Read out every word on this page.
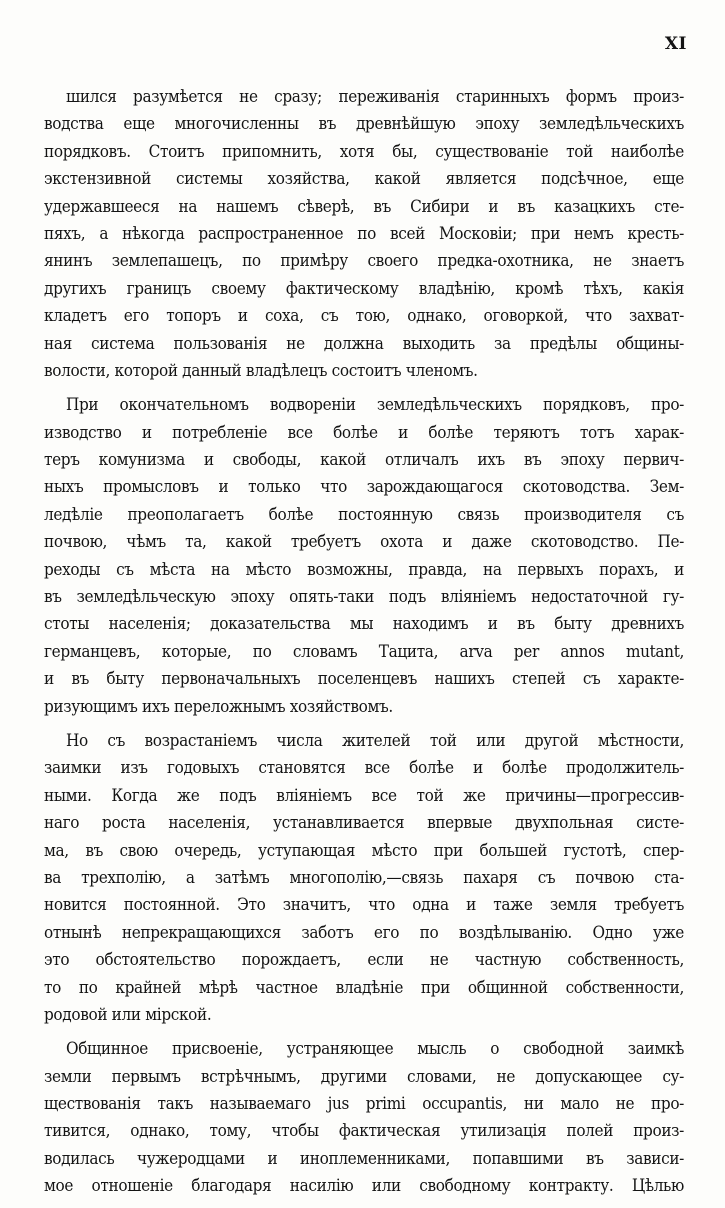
XI
шился разумѣется не сразу; переживанія старинныхъ формъ произ-
водства еще многочисленны въ древнѣйшую эпоху земледѣльческихъ
порядковъ. Стоитъ припомнить, хотя бы, существованіе той наиболѣе
экстензивной системы хозяйства, какой является подсѣчное, еще
удержавшееся на нашемъ сѣверѣ, въ Сибири и въ казацкихъ сте-
пяхъ, а нѣкогда распространенное по всей Московіи; при немъ кресть-
янинъ землепашецъ, по примѣру своего предка-охотника, не знаетъ
другихъ границъ своему фактическому владѣнію, кромѣ тѣхъ, какія
кладетъ его топоръ и соха, съ тою, однако, оговоркой, что захват-
ная система пользованія не должна выходить за предѣлы общины-
волости, которой данный владѣлецъ состоитъ членомъ.
При окончательномъ водвореніи земледѣльческихъ порядковъ, про-
изводство и потребленіе все болѣе и болѣе теряютъ тотъ харак-
теръ комунизма и свободы, какой отличалъ ихъ въ эпоху первич-
ныхъ промысловъ и только что зарождающагося скотоводства. Зем-
ледѣліе преополагаетъ болѣе постоянную связь производителя съ
почвою, чѣмъ та, какой требуетъ охота и даже скотоводство. Пе-
реходы съ мѣста на мѣсто возможны, правда, на первыхъ порахъ, и
въ земледѣльческую эпоху опять-таки подъ вліяніемъ недостаточной гу-
стоты населенія; доказательства мы находимъ и въ быту древнихъ
германцевъ, которые, по словамъ Тацита, arva per annos mutant,
и въ быту первоначальныхъ поселенцевъ нашихъ степей съ характе-
ризующимъ ихъ переложнымъ хозяйствомъ.
Но съ возрастаніемъ числа жителей той или другой мѣстности,
заимки изъ годовыхъ становятся все болѣе и болѣе продолжитель-
ными. Когда же подъ вліяніемъ все той же причины—прогрессив-
наго роста населенія, устанавливается впервые двухпольная систе-
ма, въ свою очередь, уступающая мѣсто при большей густотѣ, спер-
ва трехполію, а затѣмъ многополію,—связь пахаря съ почвою ста-
новится постоянной. Это значитъ, что одна и таже земля требуетъ
отнынѣ непрекращающихся заботъ его по воздѣлыванію. Одно уже
это обстоятельство порождаетъ, если не частную собственность,
то по крайней мѣрѣ частное владѣніе при общинной собственности,
родовой или мірской.
Общинное присвоеніе, устраняющее мысль о свободной заимкѣ
земли первымъ встрѣчнымъ, другими словами, не допускающее су-
ществованія такъ называемаго jus primi occupantis, ни мало не про-
тивится, однако, тому, чтобы фактическая утилизація полей произ-
водилась чужеродцами и иноплеменниками, попавшими въ зависи-
мое отношеніе благодаря насилію или свободному контракту. Цѣлью
